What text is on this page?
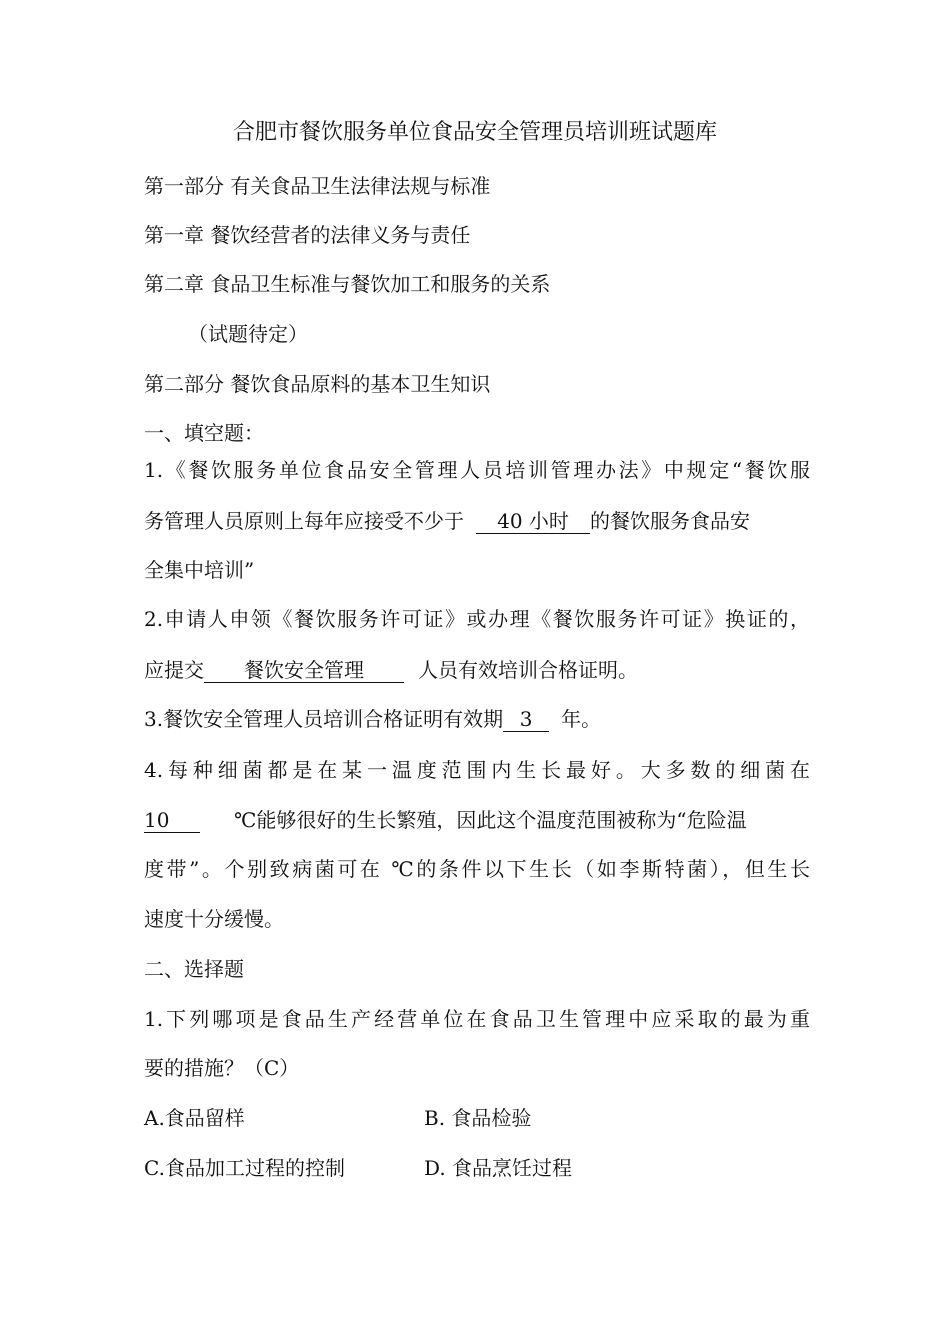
合肥市餐饮服务单位食品安全管理员培训班试题库
第一部分 有关食品卫生法律法规与标准
第一章 餐饮经营者的法律义务与责任
第二章 食品卫生标准与餐饮加工和服务的关系
（试题待定）
第二部分 餐饮食品原料的基本卫生知识
一、填空题：
1.《餐饮服务单位食品安全管理人员培训管理办法》中规定“餐饮服
务管理人员原则上每年应接受不少于 40 小时 的餐饮服务食品安
全集中培训”
2.申请人申领《餐饮服务许可证》或办理《餐饮服务许可证》换证的，
应提交 餐饮安全管理	人员有效培训合格证明。
3.餐饮安全管理人员培训合格证明有效期 3 年。
4.每种细菌都是在某一温度范围内生长最好。大多数的细菌在
10	℃能够很好的生长繁殖，因此这个温度范围被称为“危险温
度带”。个别致病菌可在 ℃的条件以下生长（如李斯特菌），但生长
速度十分缓慢。
二、选择题
1.下列哪项是食品生产经营单位在食品卫生管理中应采取的最为重
要的措施？（C）
A.食品留样	B. 食品检验
C.食品加工过程的控制	D. 食品烹饪过程
